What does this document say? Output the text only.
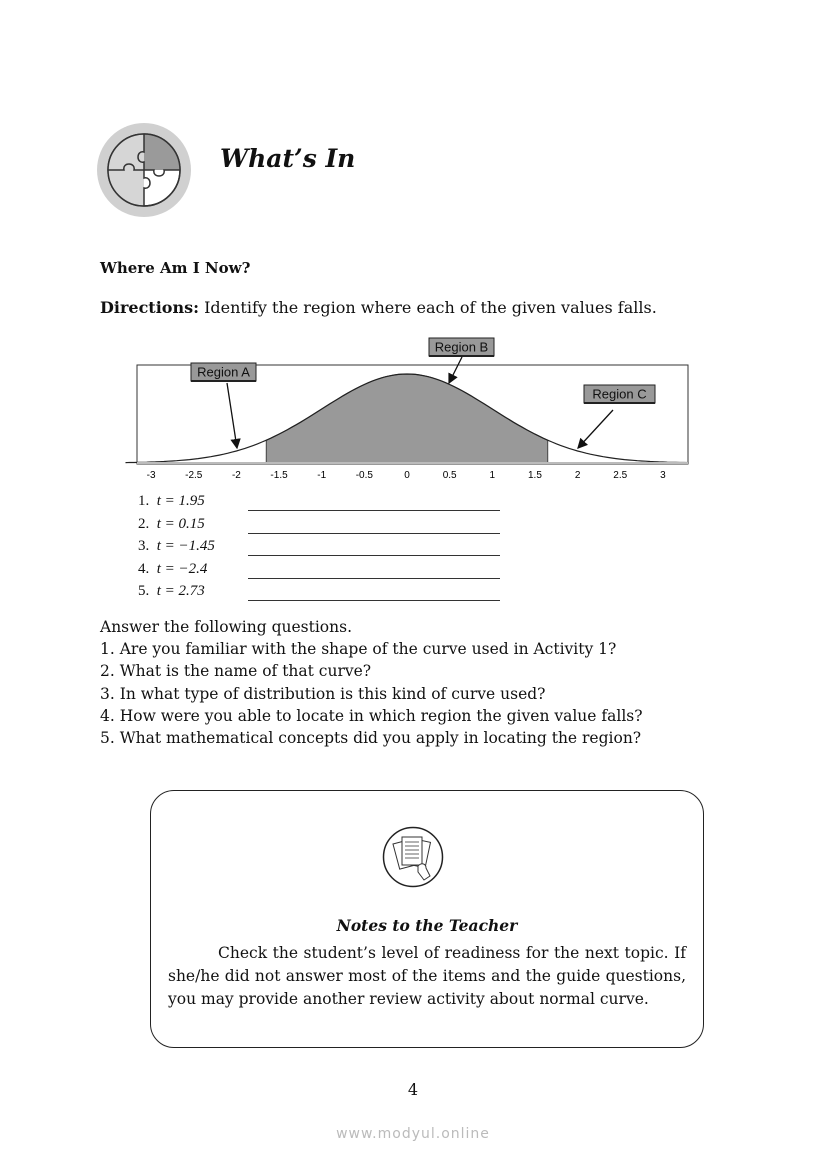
What’s In
Where Am I Now?
Directions: Identify the region where each of the given values falls.
-3	-2.5	-2	-1.5	-1	-0.5	0	0.5	1	1.5	2	2.5	3
Region A
Region B
Region C
1. t = 1.95
2. t = 0.15
3. t = −1.45
4. t = −2.4
5. t = 2.73
Answer the following questions.
1. Are you familiar with the shape of the curve used in Activity 1?
2. What is the name of that curve?
3. In what type of distribution is this kind of curve used?
4. How were you able to locate in which region the given value falls?
5. What mathematical concepts did you apply in locating the region?
Notes to the Teacher
Check the student’s level of readiness for the next topic. If she/he did not answer most of the items and the guide questions, you may provide another review activity about normal curve.
4
www.modyul.online
